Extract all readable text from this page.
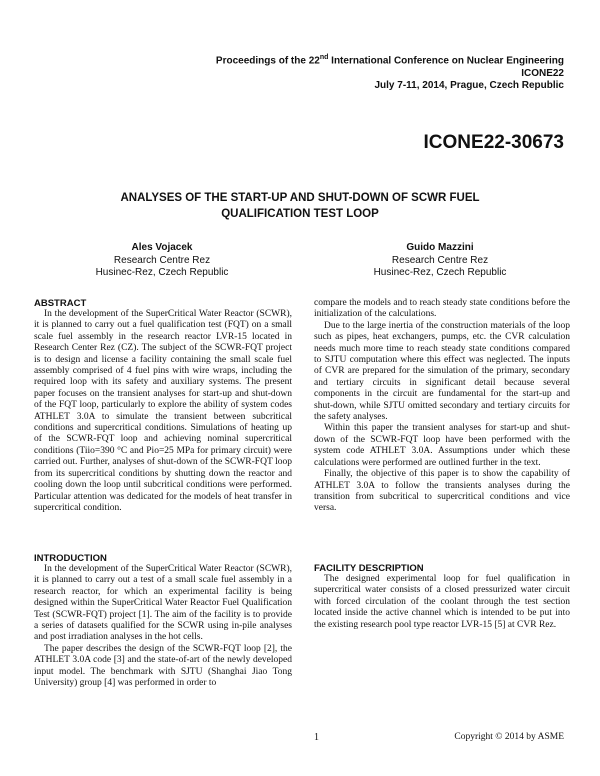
Proceedings of the 22nd International Conference on Nuclear Engineering
ICONE22
July 7-11, 2014, Prague, Czech Republic
ICONE22-30673
ANALYSES OF THE START-UP AND SHUT-DOWN OF SCWR FUEL
QUALIFICATION TEST LOOP
Ales Vojacek
Research Centre Rez
Husinec-Rez, Czech Republic
Guido Mazzini
Research Centre Rez
Husinec-Rez, Czech Republic
ABSTRACT

In the development of the SuperCritical Water Reactor (SCWR), it is planned to carry out a fuel qualification test (FQT) on a small scale fuel assembly in the research reactor LVR-15 located in Research Center Rez (CZ). The subject of the SCWR-FQT project is to design and license a facility containing the small scale fuel assembly comprised of 4 fuel pins with wire wraps, including the required loop with its safety and auxiliary systems. The present paper focuses on the transient analyses for start-up and shut-down of the FQT loop, particularly to explore the ability of system codes ATHLET 3.0A to simulate the transient between subcritical conditions and supercritical conditions. Simulations of heating up of the SCWR-FQT loop and achieving nominal supercritical conditions (Tiio=390 °C and Pio=25 MPa for primary circuit) were carried out. Further, analyses of shut-down of the SCWR-FQT loop from its supercritical conditions by shutting down the reactor and cooling down the loop until subcritical conditions were performed. Particular attention was dedicated for the models of heat transfer in supercritical condition.

INTRODUCTION

In the development of the SuperCritical Water Reactor (SCWR), it is planned to carry out a test of a small scale fuel assembly in a research reactor, for which an experimental facility is being designed within the SuperCritical Water Reactor Fuel Qualification Test (SCWR-FQT) project [1]. The aim of the facility is to provide a series of datasets qualified for the SCWR using in-pile analyses and post irradiation analyses in the hot cells.

The paper describes the design of the SCWR-FQT loop [2], the ATHLET 3.0A code [3] and the state-of-art of the newly developed input model. The benchmark with SJTU (Shanghai Jiao Tong University) group [4] was performed in order to

compare the models and to reach steady state conditions before the initialization of the calculations.

Due to the large inertia of the construction materials of the loop such as pipes, heat exchangers, pumps, etc. the CVR calculation needs much more time to reach steady state conditions compared to SJTU computation where this effect was neglected. The inputs of CVR are prepared for the simulation of the primary, secondary and tertiary circuits in significant detail because several components in the circuit are fundamental for the start-up and shut-down, while SJTU omitted secondary and tertiary circuits for the safety analyses.

Within this paper the transient analyses for start-up and shut-down of the SCWR-FQT loop have been performed with the system code ATHLET 3.0A. Assumptions under which these calculations were performed are outlined further in the text.

Finally, the objective of this paper is to show the capability of ATHLET 3.0A to follow the transients analyses during the transition from subcritical to supercritical conditions and vice versa.

FACILITY DESCRIPTION

The designed experimental loop for fuel qualification in supercritical water consists of a closed pressurized water circuit with forced circulation of the coolant through the test section located inside the active channel which is intended to be put into the existing research pool type reactor LVR-15 [5] at CVR Rez.

1	Copyright © 2014 by ASME
